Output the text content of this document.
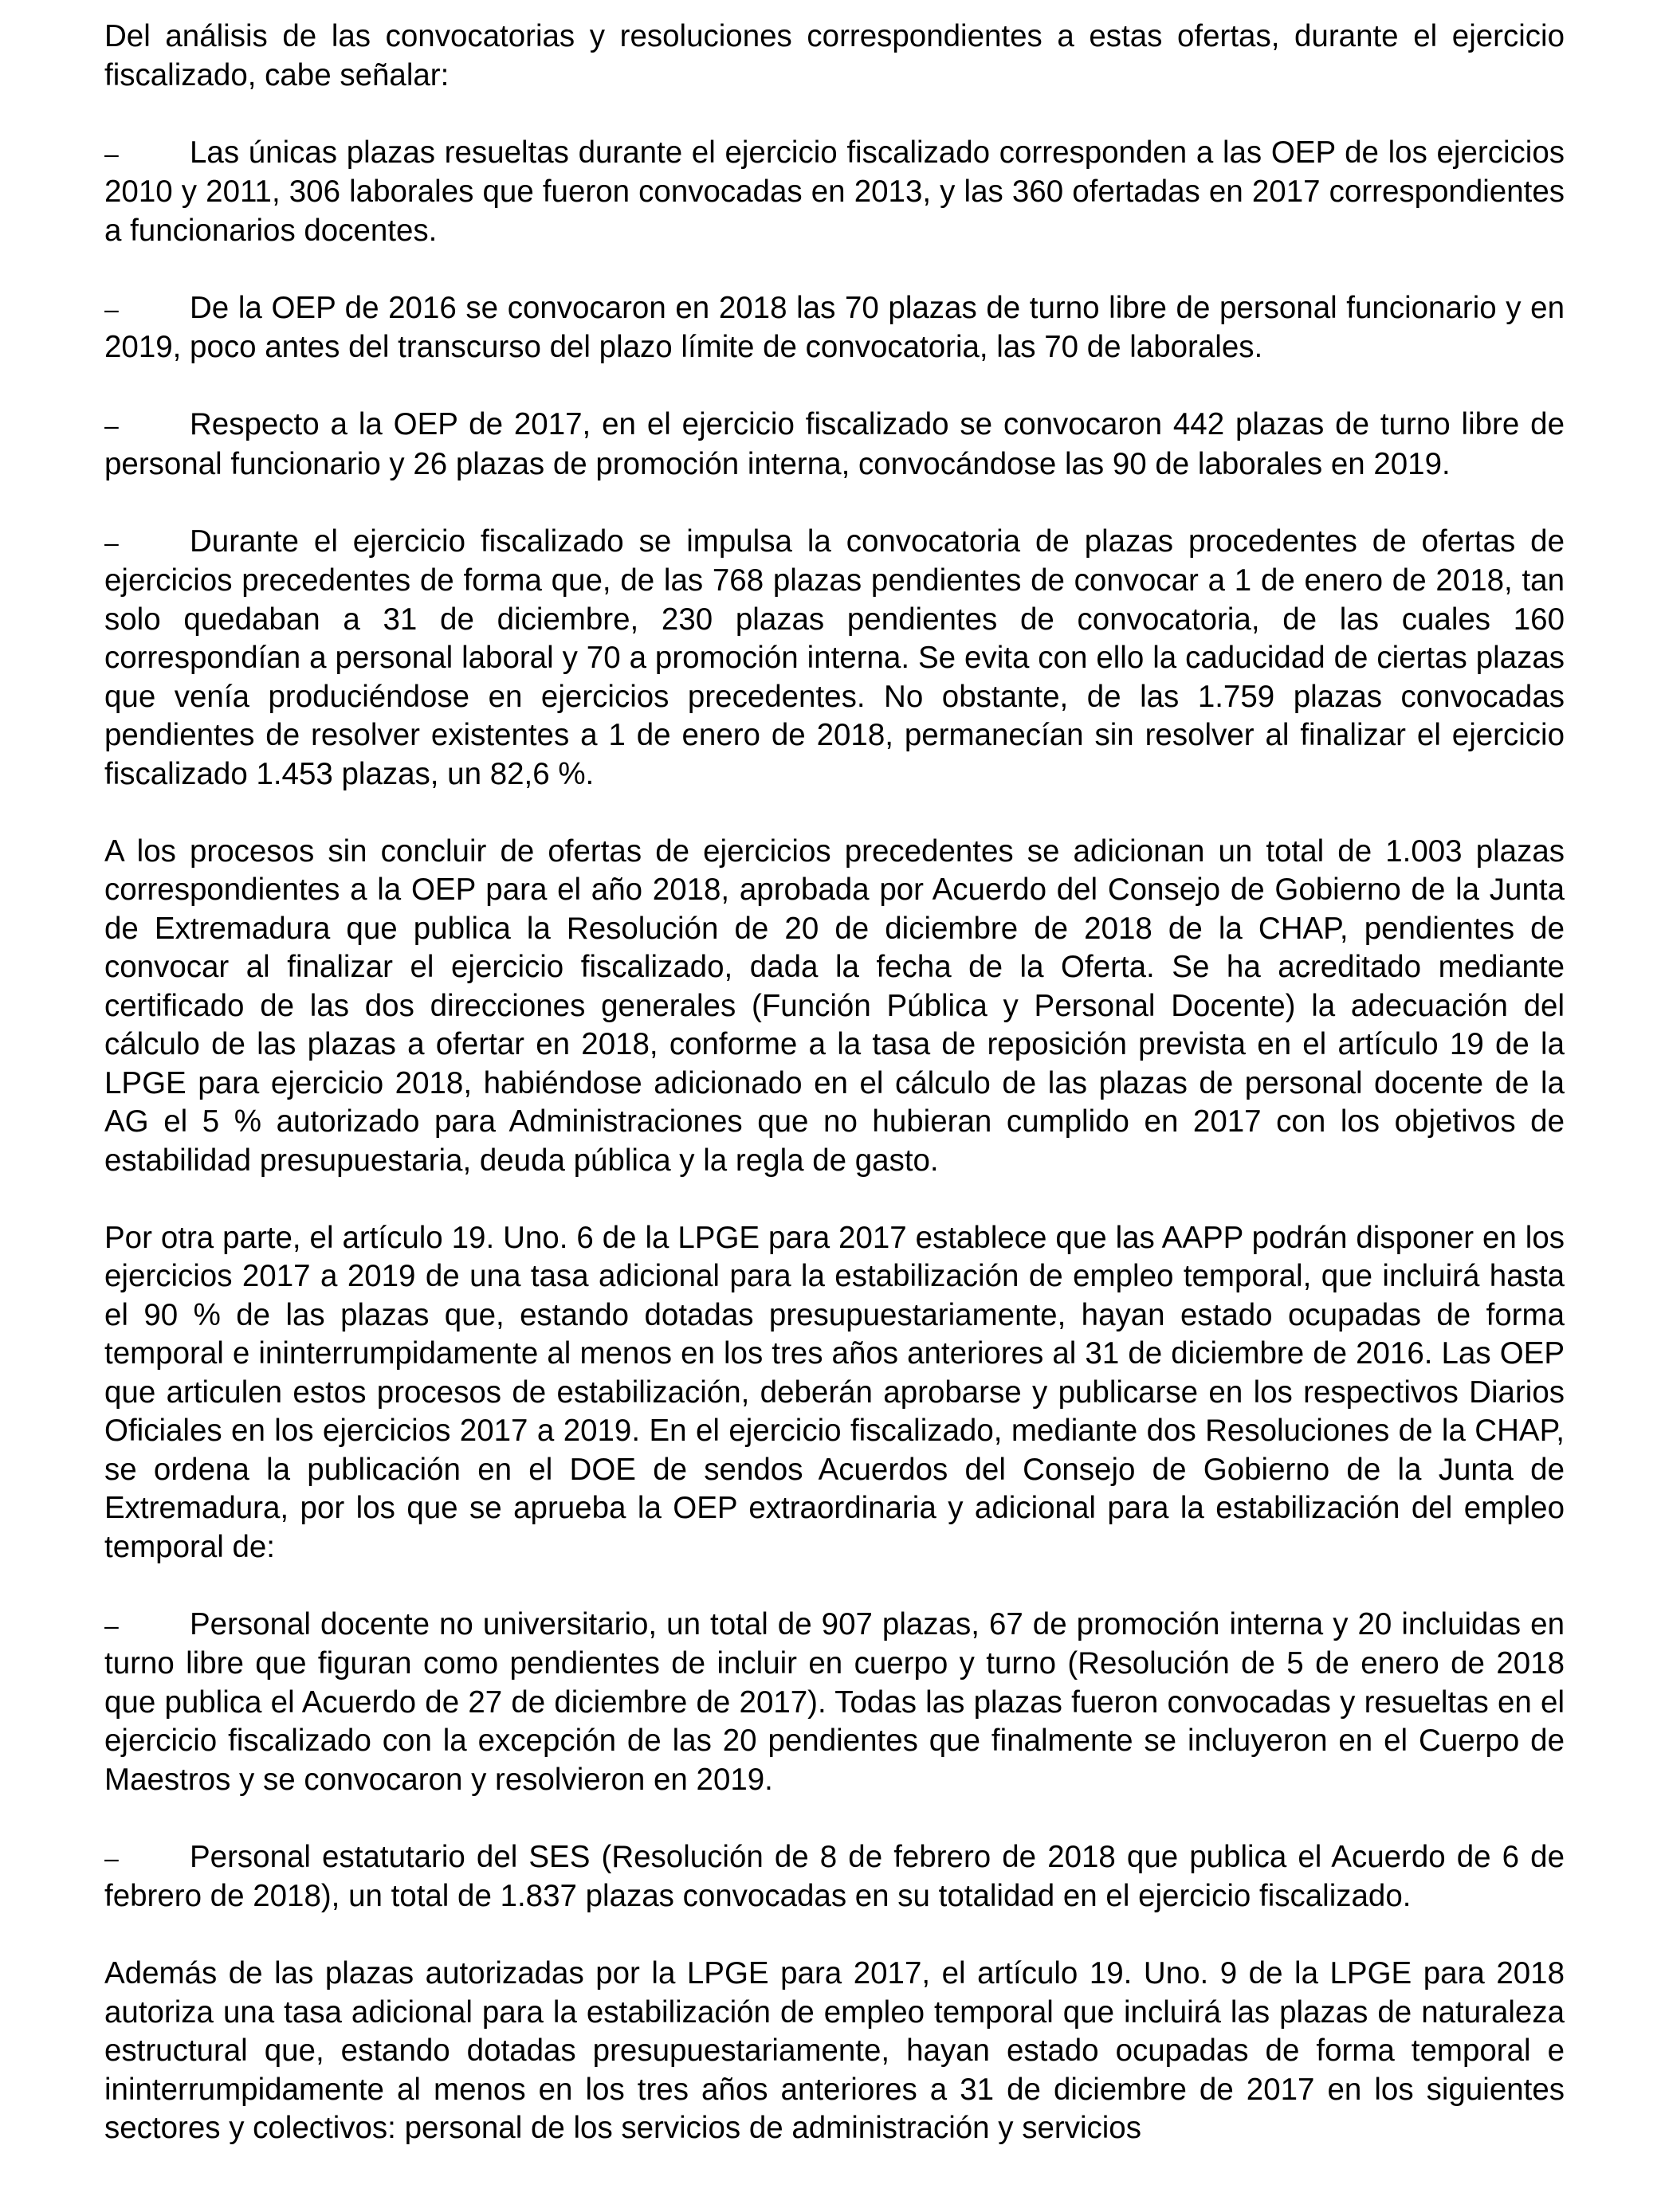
Del análisis de las convocatorias y resoluciones correspondientes a estas ofertas, durante el ejercicio fiscalizado, cabe señalar:

– Las únicas plazas resueltas durante el ejercicio fiscalizado corresponden a las OEP de los ejercicios 2010 y 2011, 306 laborales que fueron convocadas en 2013, y las 360 ofertadas en 2017 correspondientes a funcionarios docentes.

– De la OEP de 2016 se convocaron en 2018 las 70 plazas de turno libre de personal funcionario y en 2019, poco antes del transcurso del plazo límite de convocatoria, las 70 de laborales.

– Respecto a la OEP de 2017, en el ejercicio fiscalizado se convocaron 442 plazas de turno libre de personal funcionario y 26 plazas de promoción interna, convocándose las 90 de laborales en 2019.

– Durante el ejercicio fiscalizado se impulsa la convocatoria de plazas procedentes de ofertas de ejercicios precedentes de forma que, de las 768 plazas pendientes de convocar a 1 de enero de 2018, tan solo quedaban a 31 de diciembre, 230 plazas pendientes de convocatoria, de las cuales 160 correspondían a personal laboral y 70 a promoción interna. Se evita con ello la caducidad de ciertas plazas que venía produciéndose en ejercicios precedentes. No obstante, de las 1.759 plazas convocadas pendientes de resolver existentes a 1 de enero de 2018, permanecían sin resolver al finalizar el ejercicio fiscalizado 1.453 plazas, un 82,6 %.

A los procesos sin concluir de ofertas de ejercicios precedentes se adicionan un total de 1.003 plazas correspondientes a la OEP para el año 2018, aprobada por Acuerdo del Consejo de Gobierno de la Junta de Extremadura que publica la Resolución de 20 de diciembre de 2018 de la CHAP, pendientes de convocar al finalizar el ejercicio fiscalizado, dada la fecha de la Oferta. Se ha acreditado mediante certificado de las dos direcciones generales (Función Pública y Personal Docente) la adecuación del cálculo de las plazas a ofertar en 2018, conforme a la tasa de reposición prevista en el artículo 19 de la LPGE para ejercicio 2018, habiéndose adicionado en el cálculo de las plazas de personal docente de la AG el 5 % autorizado para Administraciones que no hubieran cumplido en 2017 con los objetivos de estabilidad presupuestaria, deuda pública y la regla de gasto.

Por otra parte, el artículo 19. Uno. 6 de la LPGE para 2017 establece que las AAPP podrán disponer en los ejercicios 2017 a 2019 de una tasa adicional para la estabilización de empleo temporal, que incluirá hasta el 90 % de las plazas que, estando dotadas presupuestariamente, hayan estado ocupadas de forma temporal e ininterrumpidamente al menos en los tres años anteriores al 31 de diciembre de 2016. Las OEP que articulen estos procesos de estabilización, deberán aprobarse y publicarse en los respectivos Diarios Oficiales en los ejercicios 2017 a 2019. En el ejercicio fiscalizado, mediante dos Resoluciones de la CHAP, se ordena la publicación en el DOE de sendos Acuerdos del Consejo de Gobierno de la Junta de Extremadura, por los que se aprueba la OEP extraordinaria y adicional para la estabilización del empleo temporal de:

– Personal docente no universitario, un total de 907 plazas, 67 de promoción interna y 20 incluidas en turno libre que figuran como pendientes de incluir en cuerpo y turno (Resolución de 5 de enero de 2018 que publica el Acuerdo de 27 de diciembre de 2017). Todas las plazas fueron convocadas y resueltas en el ejercicio fiscalizado con la excepción de las 20 pendientes que finalmente se incluyeron en el Cuerpo de Maestros y se convocaron y resolvieron en 2019.

– Personal estatutario del SES (Resolución de 8 de febrero de 2018 que publica el Acuerdo de 6 de febrero de 2018), un total de 1.837 plazas convocadas en su totalidad en el ejercicio fiscalizado.

Además de las plazas autorizadas por la LPGE para 2017, el artículo 19. Uno. 9 de la LPGE para 2018 autoriza una tasa adicional para la estabilización de empleo temporal que incluirá las plazas de naturaleza estructural que, estando dotadas presupuestariamente, hayan estado ocupadas de forma temporal e ininterrumpidamente al menos en los tres años anteriores a 31 de diciembre de 2017 en los siguientes sectores y colectivos: personal de los servicios de administración y servicios
